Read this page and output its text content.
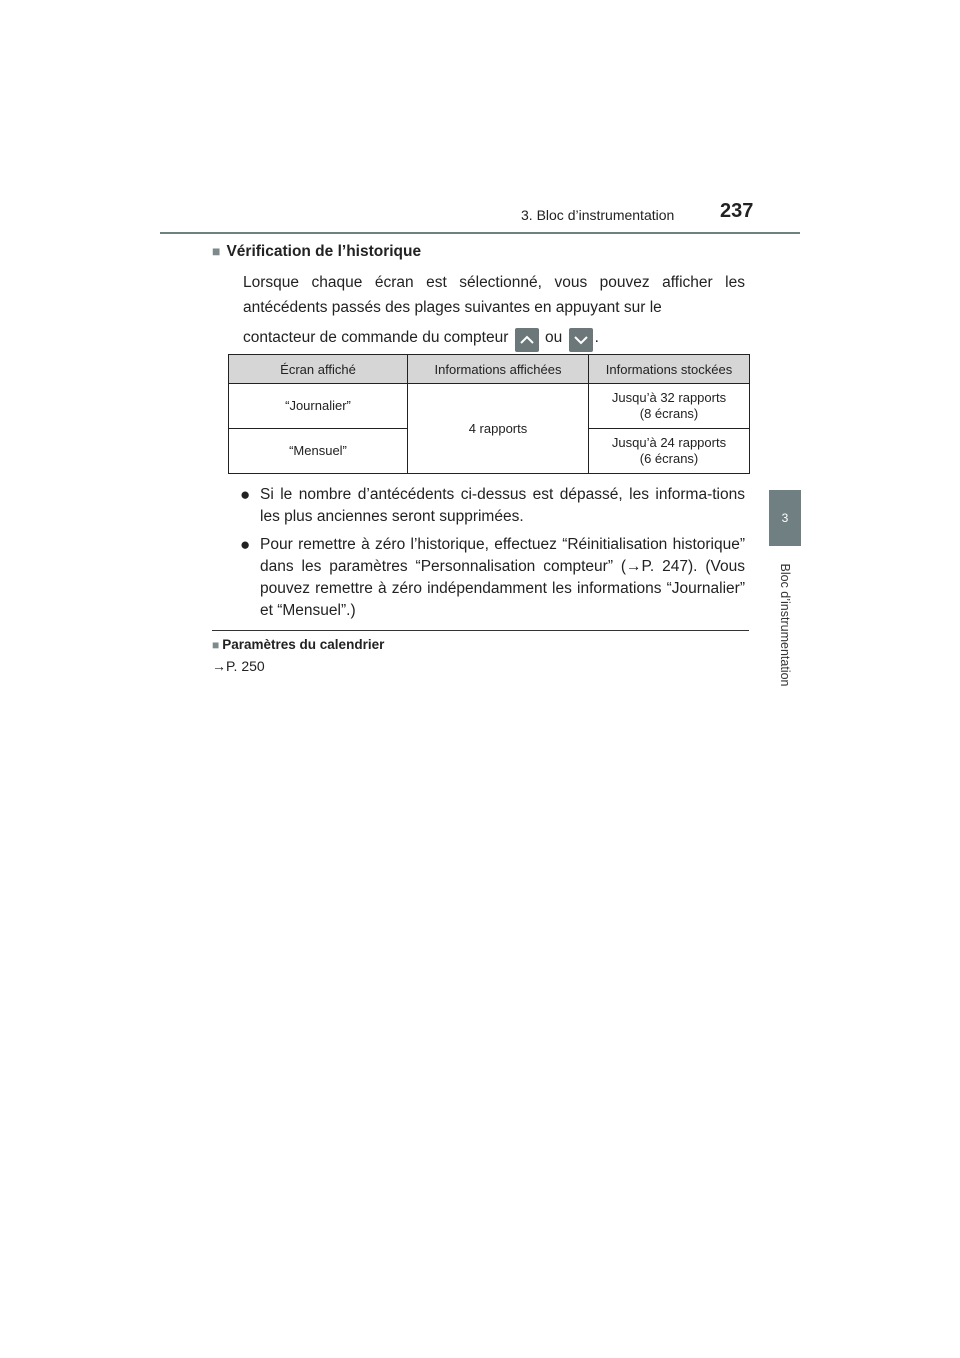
3. Bloc d’instrumentation 237
3
Bloc d’instrumentation
■ Vérification de l’historique
Lorsque chaque écran est sélectionné, vous pouvez afficher les antécédents passés des plages suivantes en appuyant sur le
contacteur de commande du compteur ou .
Écran affiché	Informations affichées	Informations stockées
“Journalier”	4 rapports	Jusqu’à 32 rapports
(8 écrans)

“Mensuel”		Jusqu’à 24 rapports
(6 écrans)
● Si le nombre d’antécédents ci-dessus est dépassé, les informa-tions les plus anciennes seront supprimées.
● Pour remettre à zéro l’historique, effectuez “Réinitialisation historique” dans les paramètres “Personnalisation compteur” (→P. 247). (Vous pouvez remettre à zéro indépendamment les informations “Journalier” et “Mensuel”.)
■ Paramètres du calendrier
→P. 250
